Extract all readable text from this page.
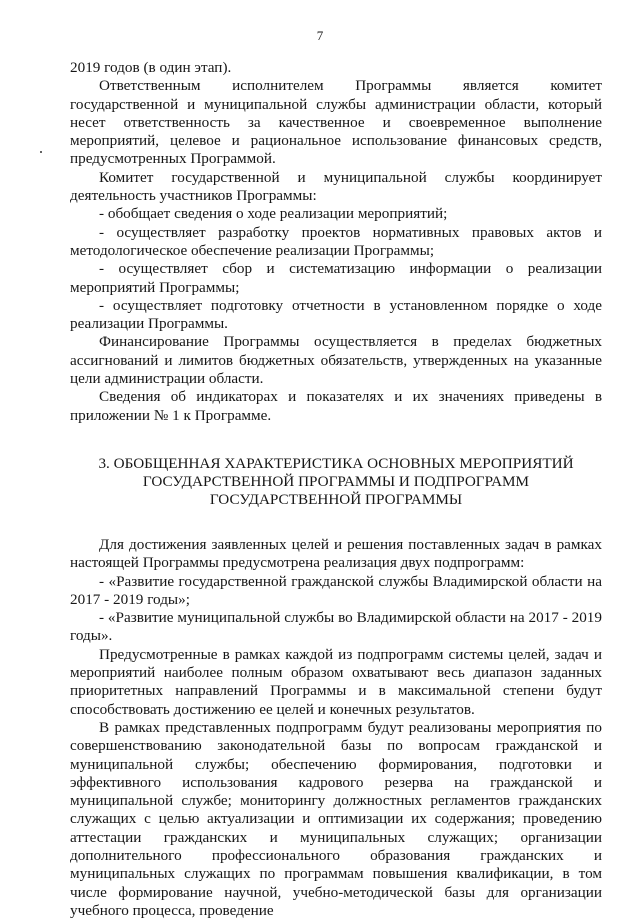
7

2019 годов (в один этап).

Ответственным исполнителем Программы является комитет государственной и муниципальной службы администрации области, который несет ответственность за качественное и своевременное выполнение мероприятий, целевое и рациональное использование финансовых средств, предусмотренных Программой.

Комитет государственной и муниципальной службы координирует деятельность участников Программы:

- обобщает сведения о ходе реализации мероприятий;

- осуществляет разработку проектов нормативных правовых актов и методологическое обеспечение реализации Программы;

- осуществляет сбор и систематизацию информации о реализации мероприятий Программы;

- осуществляет подготовку отчетности в установленном порядке о ходе реализации Программы.

Финансирование Программы осуществляется в пределах бюджетных ассигнований и лимитов бюджетных обязательств, утвержденных на указанные цели администрации области.

Сведения об индикаторах и показателях и их значениях приведены в приложении № 1 к Программе.

3. ОБОБЩЕННАЯ ХАРАКТЕРИСТИКА ОСНОВНЫХ МЕРОПРИЯТИЙ ГОСУДАРСТВЕННОЙ ПРОГРАММЫ И ПОДПРОГРАММ ГОСУДАРСТВЕННОЙ ПРОГРАММЫ

Для достижения заявленных целей и решения поставленных задач в рамках настоящей Программы предусмотрена реализация двух подпрограмм:

- «Развитие государственной гражданской службы Владимирской области на 2017 - 2019 годы»;

- «Развитие муниципальной службы во Владимирской области на 2017 - 2019 годы».

Предусмотренные в рамках каждой из подпрограмм системы целей, задач и мероприятий наиболее полным образом охватывают весь диапазон заданных приоритетных направлений Программы и в максимальной степени будут способствовать достижению ее целей и конечных результатов.

В рамках представленных подпрограмм будут реализованы мероприятия по совершенствованию законодательной базы по вопросам гражданской и муниципальной службы; обеспечению формирования, подготовки и эффективного использования кадрового резерва на гражданской и муниципальной службе; мониторингу должностных регламентов гражданских служащих с целью актуализации и оптимизации их содержания; проведению аттестации гражданских и муниципальных служащих; организации дополнительного профессионального образования гражданских и муниципальных служащих по программам повышения квалификации, в том числе формирование научной, учебно-методической базы для организации учебного процесса, проведение
